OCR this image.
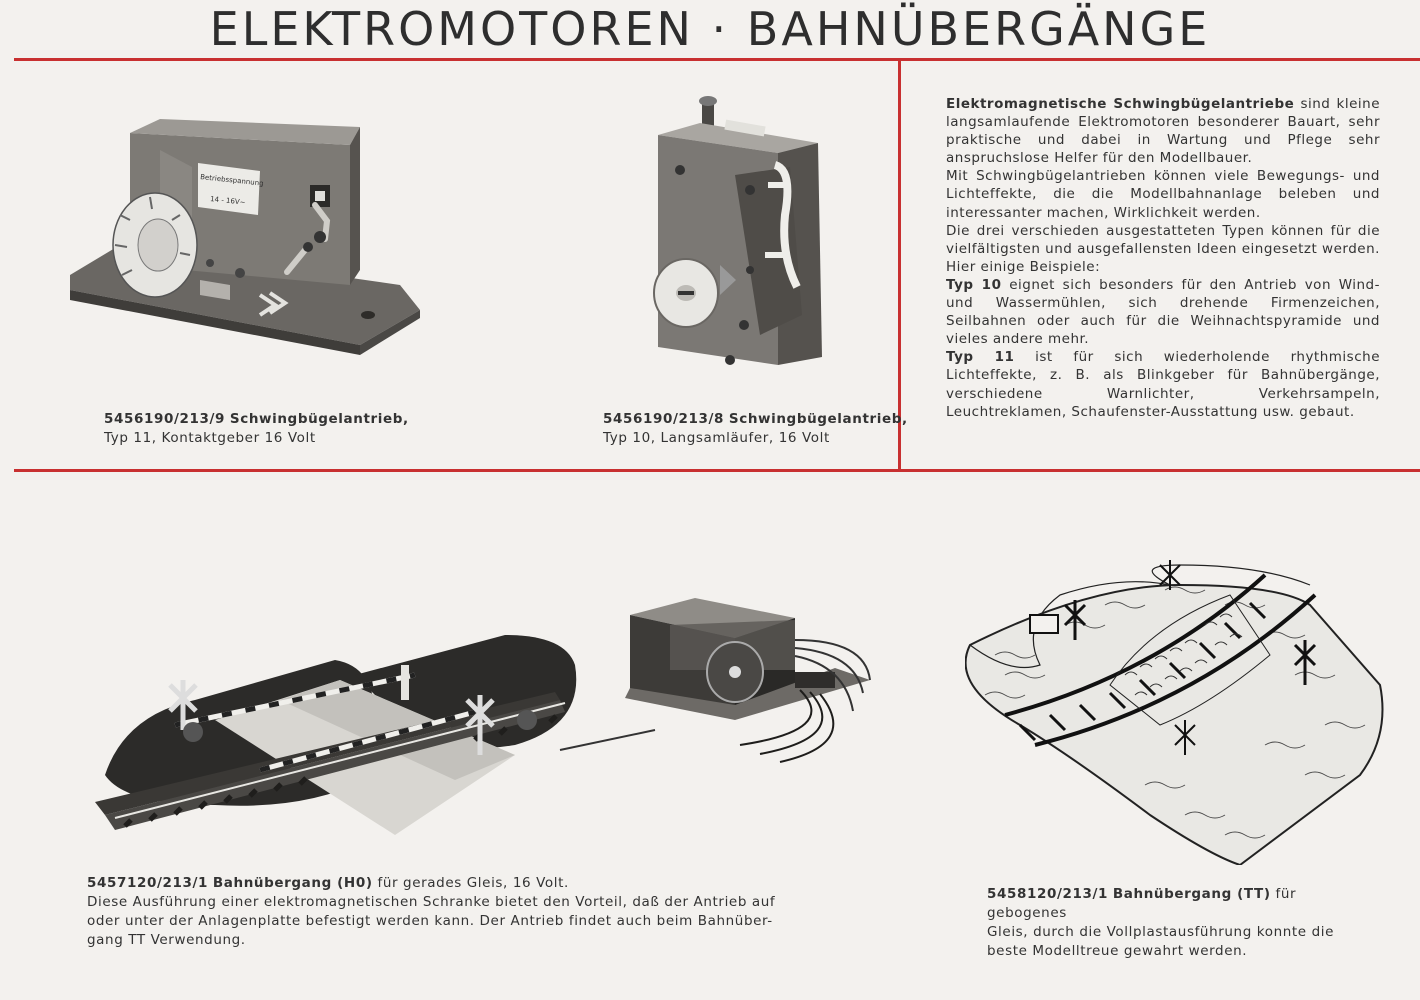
ELEKTROMOTOREN · BAHNÜBERGÄNGE
Betriebsspannung
14 - 16V~
5456190/213/9 Schwingbügelantrieb,
Typ 11, Kontaktgeber 16 Volt
5456190/213/8 Schwingbügelantrieb,
Typ 10, Langsamläufer, 16 Volt
Elektromagnetische Schwingbügelantriebe sind kleine langsamlaufende Elektromotoren besonderer Bauart, sehr praktische und dabei in Wartung und Pflege sehr anspruchslose Helfer für den Modellbauer.
Mit Schwingbügelantrieben können viele Bewegungs- und Lichteffekte, die die Modellbahnanlage beleben und interessanter machen, Wirklichkeit werden.
Die drei verschieden ausgestatteten Typen können für die vielfältigsten und ausgefallensten Ideen eingesetzt werden.
Hier einige Beispiele:
Typ 10 eignet sich besonders für den Antrieb von Wind- und Wassermühlen, sich drehende Firmenzeichen, Seilbahnen oder auch für die Weihnachtspyramide und vieles andere mehr.
Typ 11 ist für sich wiederholende rhythmische Lichteffekte, z. B. als Blinkgeber für Bahnübergänge, verschiedene Warnlichter, Verkehrsampeln, Leuchtreklamen, Schaufenster-Ausstattung usw. gebaut.
5457120/213/1 Bahnübergang (H0) für gerades Gleis, 16 Volt.
Diese Ausführung einer elektromagnetischen Schranke bietet den Vorteil, daß der Antrieb auf
oder unter der Anlagenplatte befestigt werden kann. Der Antrieb findet auch beim Bahnüber-
gang TT Verwendung.
5458120/213/1 Bahnübergang (TT) für gebogenes
Gleis, durch die Vollplastausführung konnte die
beste Modelltreue gewahrt werden.
